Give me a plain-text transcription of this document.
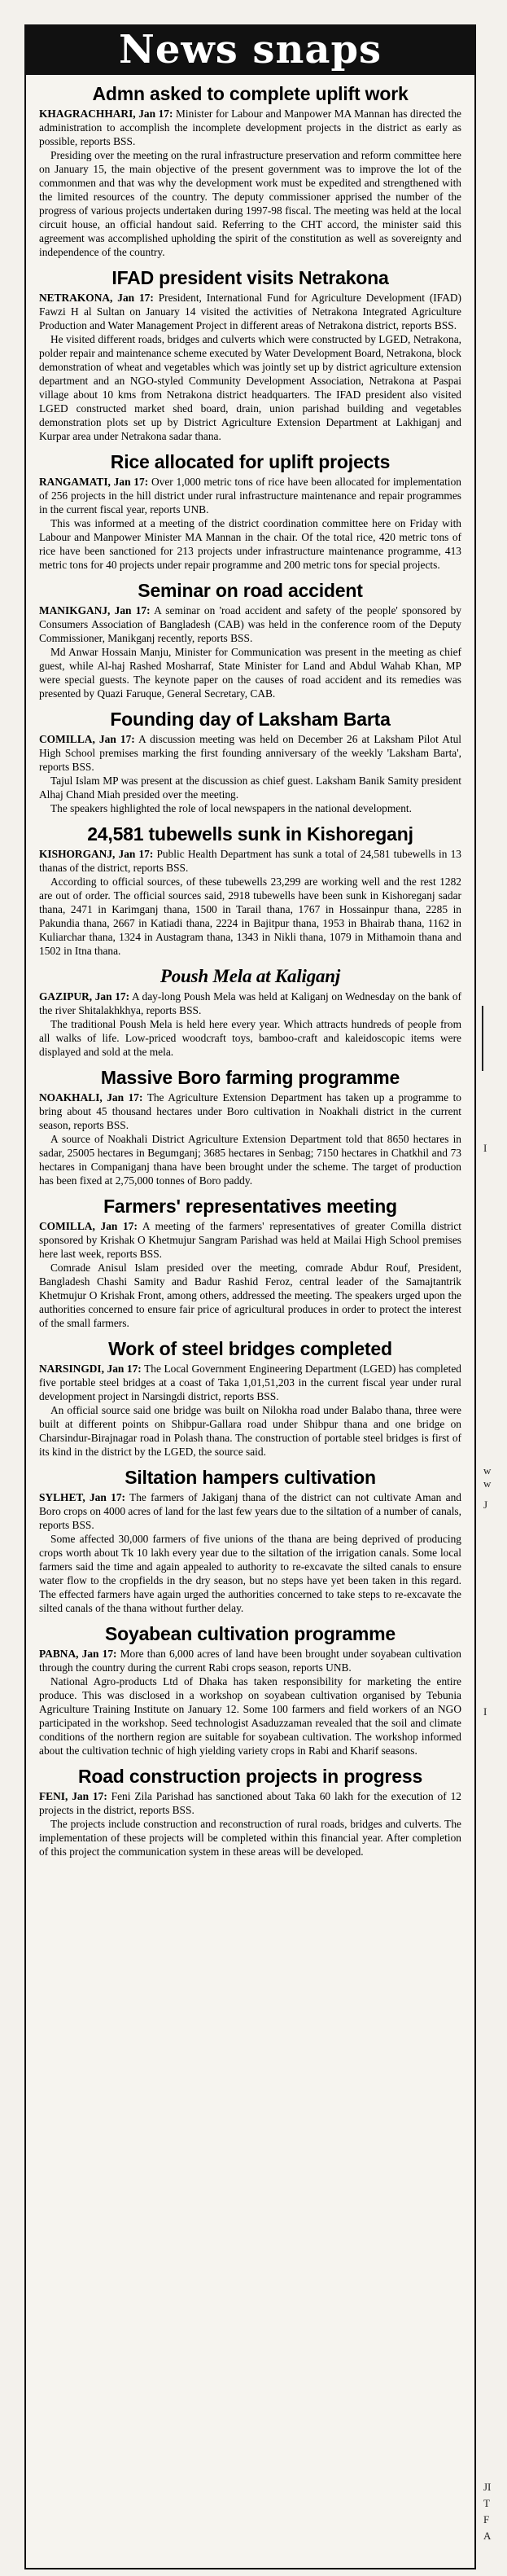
News snaps
Admn asked to complete uplift work

KHAGRACHHARI, Jan 17: Minister for Labour and Manpower MA Mannan has directed the administration to accomplish the incomplete development projects in the district as early as possible, reports BSS.

Presiding over the meeting on the rural infrastructure preservation and reform committee here on January 15, the main objective of the present government was to improve the lot of the commonmen and that was why the development work must be expedited and strengthened with the limited resources of the country. The deputy commissioner apprised the number of the progress of various projects undertaken during 1997-98 fiscal. The meeting was held at the local circuit house, an official handout said. Referring to the CHT accord, the minister said this agreement was accomplished upholding the spirit of the constitution as well as sovereignty and independence of the country.

IFAD president visits Netrakona

NETRAKONA, Jan 17: President, International Fund for Agriculture Development (IFAD) Fawzi H al Sultan on January 14 visited the activities of Netrakona Integrated Agriculture Production and Water Management Project in different areas of Netrakona district, reports BSS.

He visited different roads, bridges and culverts which were constructed by LGED, Netrakona, polder repair and maintenance scheme executed by Water Development Board, Netrakona, block demonstration of wheat and vegetables which was jointly set up by district agriculture extension department and an NGO-styled Community Development Association, Netrakona at Paspai village about 10 kms from Netrakona district headquarters. The IFAD president also visited LGED constructed market shed board, drain, union parishad building and vegetables demonstration plots set up by District Agriculture Extension Department at Lakhiganj and Kurpar area under Netrakona sadar thana.

Rice allocated for uplift projects

RANGAMATI, Jan 17: Over 1,000 metric tons of rice have been allocated for implementation of 256 projects in the hill district under rural infrastructure maintenance and repair programmes in the current fiscal year, reports UNB.

This was informed at a meeting of the district coordination committee here on Friday with Labour and Manpower Minister MA Mannan in the chair. Of the total rice, 420 metric tons of rice have been sanctioned for 213 projects under infrastructure maintenance programme, 413 metric tons for 40 projects under repair programme and 200 metric tons for special projects.

Seminar on road accident

MANIKGANJ, Jan 17: A seminar on 'road accident and safety of the people' sponsored by Consumers Association of Bangladesh (CAB) was held in the conference room of the Deputy Commissioner, Manikganj recently, reports BSS.

Md Anwar Hossain Manju, Minister for Communication was present in the meeting as chief guest, while Al-haj Rashed Mosharraf, State Minister for Land and Abdul Wahab Khan, MP were special guests. The keynote paper on the causes of road accident and its remedies was presented by Quazi Faruque, General Secretary, CAB.

Founding day of Laksham Barta

COMILLA, Jan 17: A discussion meeting was held on December 26 at Laksham Pilot Atul High School premises marking the first founding anniversary of the weekly 'Laksham Barta', reports BSS.

Tajul Islam MP was present at the discussion as chief guest. Laksham Banik Samity president Alhaj Chand Miah presided over the meeting.

The speakers highlighted the role of local newspapers in the national development.

24,581 tubewells sunk in Kishoreganj

KISHORGANJ, Jan 17: Public Health Department has sunk a total of 24,581 tubewells in 13 thanas of the district, reports BSS.

According to official sources, of these tubewells 23,299 are working well and the rest 1282 are out of order. The official sources said, 2918 tubewells have been sunk in Kishoreganj sadar thana, 2471 in Karimganj thana, 1500 in Tarail thana, 1767 in Hossainpur thana, 2285 in Pakundia thana, 2667 in Katiadi thana, 2224 in Bajitpur thana, 1953 in Bhairab thana, 1162 in Kuliarchar thana, 1324 in Austagram thana, 1343 in Nikli thana, 1079 in Mithamoin thana and 1502 in Itna thana.

Poush Mela at Kaliganj

GAZIPUR, Jan 17: A day-long Poush Mela was held at Kaliganj on Wednesday on the bank of the river Shitalakhkhya, reports BSS.

The traditional Poush Mela is held here every year. Which attracts hundreds of people from all walks of life. Low-priced woodcraft toys, bamboo-craft and kaleidoscopic items were displayed and sold at the mela.

Massive Boro farming programme

NOAKHALI, Jan 17: The Agriculture Extension Department has taken up a programme to bring about 45 thousand hectares under Boro cultivation in Noakhali district in the current season, reports BSS.

A source of Noakhali District Agriculture Extension Department told that 8650 hectares in sadar, 25005 hectares in Begumganj; 3685 hectares in Senbag; 7150 hectares in Chatkhil and 73 hectares in Companiganj thana have been brought under the scheme. The target of production has been fixed at 2,75,000 tonnes of Boro paddy.

Farmers' representatives meeting

COMILLA, Jan 17: A meeting of the farmers' representatives of greater Comilla district sponsored by Krishak O Khetmujur Sangram Parishad was held at Mailai High School premises here last week, reports BSS.

Comrade Anisul Islam presided over the meeting, comrade Abdur Rouf, President, Bangladesh Chashi Samity and Badur Rashid Feroz, central leader of the Samajtantrik Khetmujur O Krishak Front, among others, addressed the meeting. The speakers urged upon the authorities concerned to ensure fair price of agricultural produces in order to protect the interest of the small farmers.

Work of steel bridges completed

NARSINGDI, Jan 17: The Local Government Engineering Department (LGED) has completed five portable steel bridges at a coast of Taka 1,01,51,203 in the current fiscal year under rural development project in Narsingdi district, reports BSS.

An official source said one bridge was built on Nilokha road under Balabo thana, three were built at different points on Shibpur-Gallara road under Shibpur thana and one bridge on Charsindur-Birajnagar road in Polash thana. The construction of portable steel bridges is first of its kind in the district by the LGED, the source said.

Siltation hampers cultivation

SYLHET, Jan 17: The farmers of Jakiganj thana of the district can not cultivate Aman and Boro crops on 4000 acres of land for the last few years due to the siltation of a number of canals, reports BSS.

Some affected 30,000 farmers of five unions of the thana are being deprived of producing crops worth about Tk 10 lakh every year due to the siltation of the irrigation canals. Some local farmers said the time and again appealed to authority to re-excavate the silted canals to ensure water flow to the cropfields in the dry season, but no steps have yet been taken in this regard. The effected farmers have again urged the authorities concerned to take steps to re-excavate the silted canals of the thana without further delay.

Soyabean cultivation programme

PABNA, Jan 17: More than 6,000 acres of land have been brought under soyabean cultivation through the country during the current Rabi crops season, reports UNB.

National Agro-products Ltd of Dhaka has taken responsibility for marketing the entire produce. This was disclosed in a workshop on soyabean cultivation organised by Tebunia Agriculture Training Institute on January 12. Some 100 farmers and field workers of an NGO participated in the workshop. Seed technologist Asaduzzaman revealed that the soil and climate conditions of the northern region are suitable for soyabean cultivation. The workshop informed about the cultivation technic of high yielding variety crops in Rabi and Kharif seasons.

Road construction projects in progress

FENI, Jan 17: Feni Zila Parishad has sanctioned about Taka 60 lakh for the execution of 12 projects in the district, reports BSS.

The projects include construction and reconstruction of rural roads, bridges and culverts. The implementation of these projects will be completed within this financial year. After completion of this project the communication system in these areas will be developed.

I
w
w
J
I
JI
T
F
A
